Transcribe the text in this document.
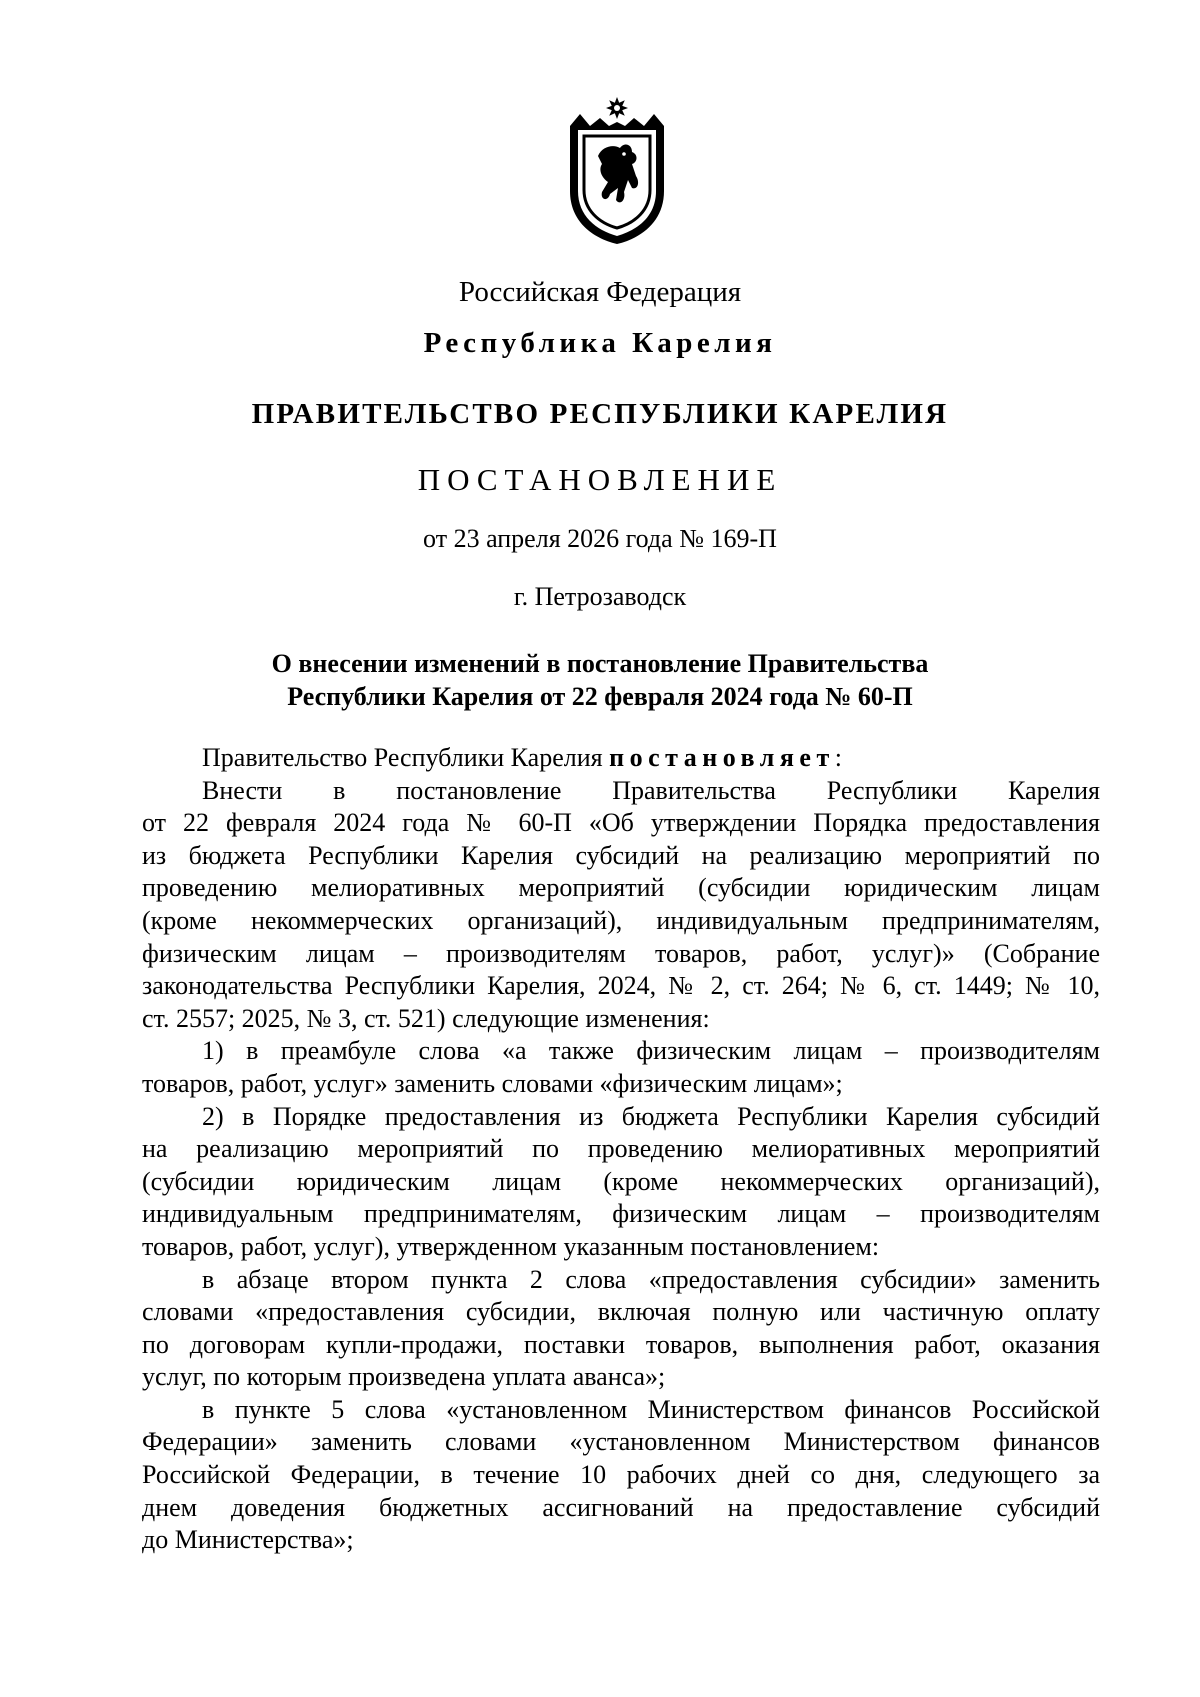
Российская Федерация
Республика Карелия
ПРАВИТЕЛЬСТВО РЕСПУБЛИКИ КАРЕЛИЯ
ПОСТАНОВЛЕНИЕ
от 23 апреля 2026 года № 169-П
г. Петрозаводск
О внесении изменений в постановление Правительства
Республики Карелия от 22 февраля 2024 года № 60-П

Правительство Республики Карелия постановляет:

Внести в постановление Правительства Республики Карелия
от 22 февраля 2024 года № 60-П «Об утверждении Порядка предоставления
из бюджета Республики Карелия субсидий на реализацию мероприятий по
проведению мелиоративных мероприятий (субсидии юридическим лицам
(кроме некоммерческих организаций), индивидуальным предпринимателям,
физическим лицам – производителям товаров, работ, услуг)» (Собрание
законодательства Республики Карелия, 2024, № 2, ст. 264; № 6, ст. 1449; № 10,
ст. 2557; 2025, № 3, ст. 521) следующие изменения:
1) в преамбуле слова «а также физическим лицам – производителям
товаров, работ, услуг» заменить словами «физическим лицам»;
2) в Порядке предоставления из бюджета Республики Карелия субсидий
на реализацию мероприятий по проведению мелиоративных мероприятий
(субсидии юридическим лицам (кроме некоммерческих организаций),
индивидуальным предпринимателям, физическим лицам – производителям
товаров, работ, услуг), утвержденном указанным постановлением:
в абзаце втором пункта 2 слова «предоставления субсидии» заменить
словами «предоставления субсидии, включая полную или частичную оплату
по договорам купли-продажи, поставки товаров, выполнения работ, оказания
услуг, по которым произведена уплата аванса»;
в пункте 5 слова «установленном Министерством финансов Российской
Федерации» заменить словами «установленном Министерством финансов
Российской Федерации, в течение 10 рабочих дней со дня, следующего за
днем доведения бюджетных ассигнований на предоставление субсидий
до Министерства»;
